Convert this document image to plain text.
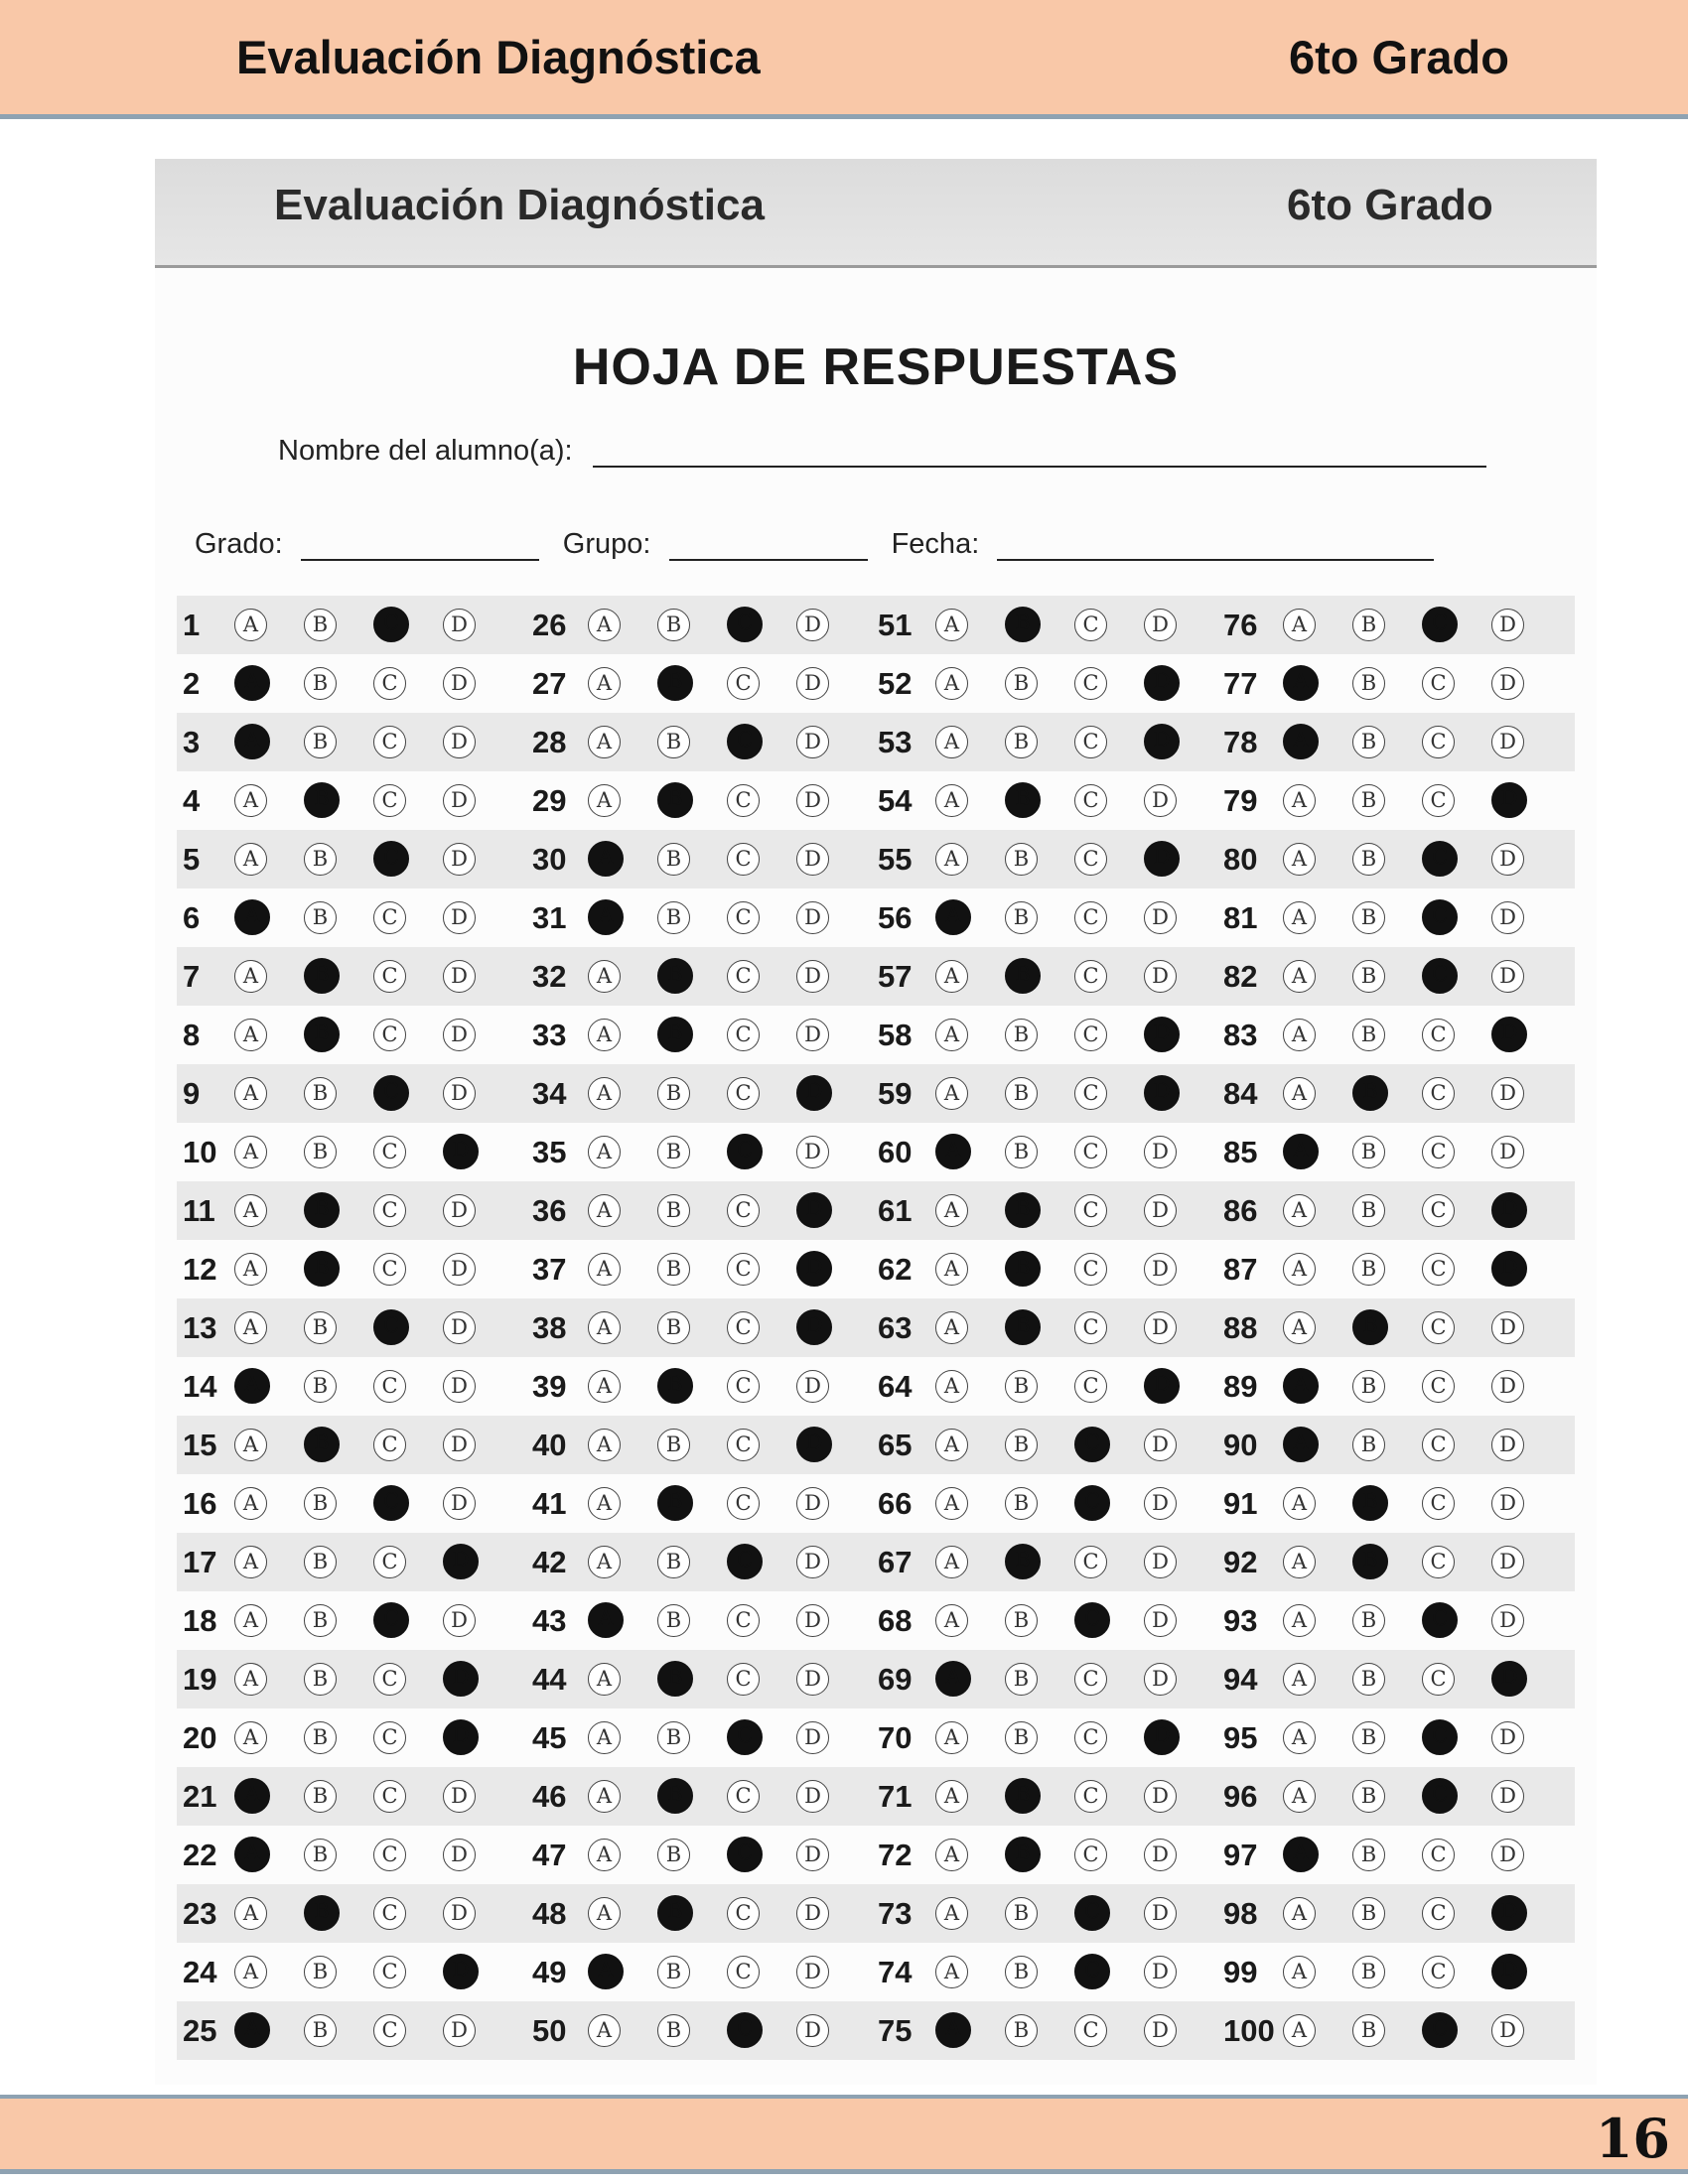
Evaluación Diagnóstica	6to Grado
Evaluación Diagnóstica	6to Grado
HOJA DE RESPUESTAS
Nombre del alumno(a):
Grado:	Grupo:	Fecha:
1	A	B	C	D 26	A	B	C	D 51	A	B	C	D 76	A	B	C	D
2	A	B	C	D 27	A	B	C	D 52	A	B	C	D	77	A	B	C	D
3	A	B	C	D 28	A	B	C	D 53	A	B	C	D	78	A	B	C	D
4	A	B	C	D 29	A	B	C	D 54	A	B	C	D 79	A	B	C	D
5	A	B	C	D 30	A	B	C	D 55	A	B	C	D	80	A	B	C	D
6	A	B	C	D 31	A	B	C	D 56	A	B	C	D 81	A	B	C	D
7	A	B	C	D 32	A	B	C	D 57	A	B	C	D 82	A	B	C	D
8	A	B	C	D 33	A	B	C	D 58	A	B	C	D	83	A	B	C	D
9	A	B	C	D 34	A	B	C	D	59	A	B	C	D	84	A	B	C	D
10	A	B	C	D	35	A	B	C	D 60	A	B	C	D 85	A	B	C	D
11	A	B	C	D 36	A	B	C	D	61	A	B	C	D 86	A	B	C	D
12	A	B	C	D 37	A	B	C	D	62	A	B	C	D 87	A	B	C	D
13	A	B	C	D 38	A	B	C	D	63	A	B	C	D 88	A	B	C	D
14	A	B	C	D 39	A	B	C	D 64	A	B	C	D	89	A	B	C	D
15	A	B	C	D 40	A	B	C	D	65	A	B	C	D 90	A	B	C	D
16	A	B	C	D 41	A	B	C	D 66	A	B	C	D 91	A	B	C	D
17	A	B	C	D	42	A	B	C	D 67	A	B	C	D 92	A	B	C	D
18	A	B	C	D 43	A	B	C	D 68	A	B	C	D 93	A	B	C	D
19	A	B	C	D	44	A	B	C	D 69	A	B	C	D 94	A	B	C	D
20	A	B	C	D	45	A	B	C	D 70	A	B	C	D	95	A	B	C	D
21	A	B	C	D 46	A	B	C	D 71	A	B	C	D 96	A	B	C	D
22	A	B	C	D 47	A	B	C	D 72	A	B	C	D 97	A	B	C	D
23	A	B	C	D 48	A	B	C	D 73	A	B	C	D 98	A	B	C	D
24	A	B	C	D	49	A	B	C	D 74	A	B	C	D 99	A	B	C	D
25	A	B	C	D 50	A	B	C	D 75	A	B	C	D 100 A	B	C	D
16
